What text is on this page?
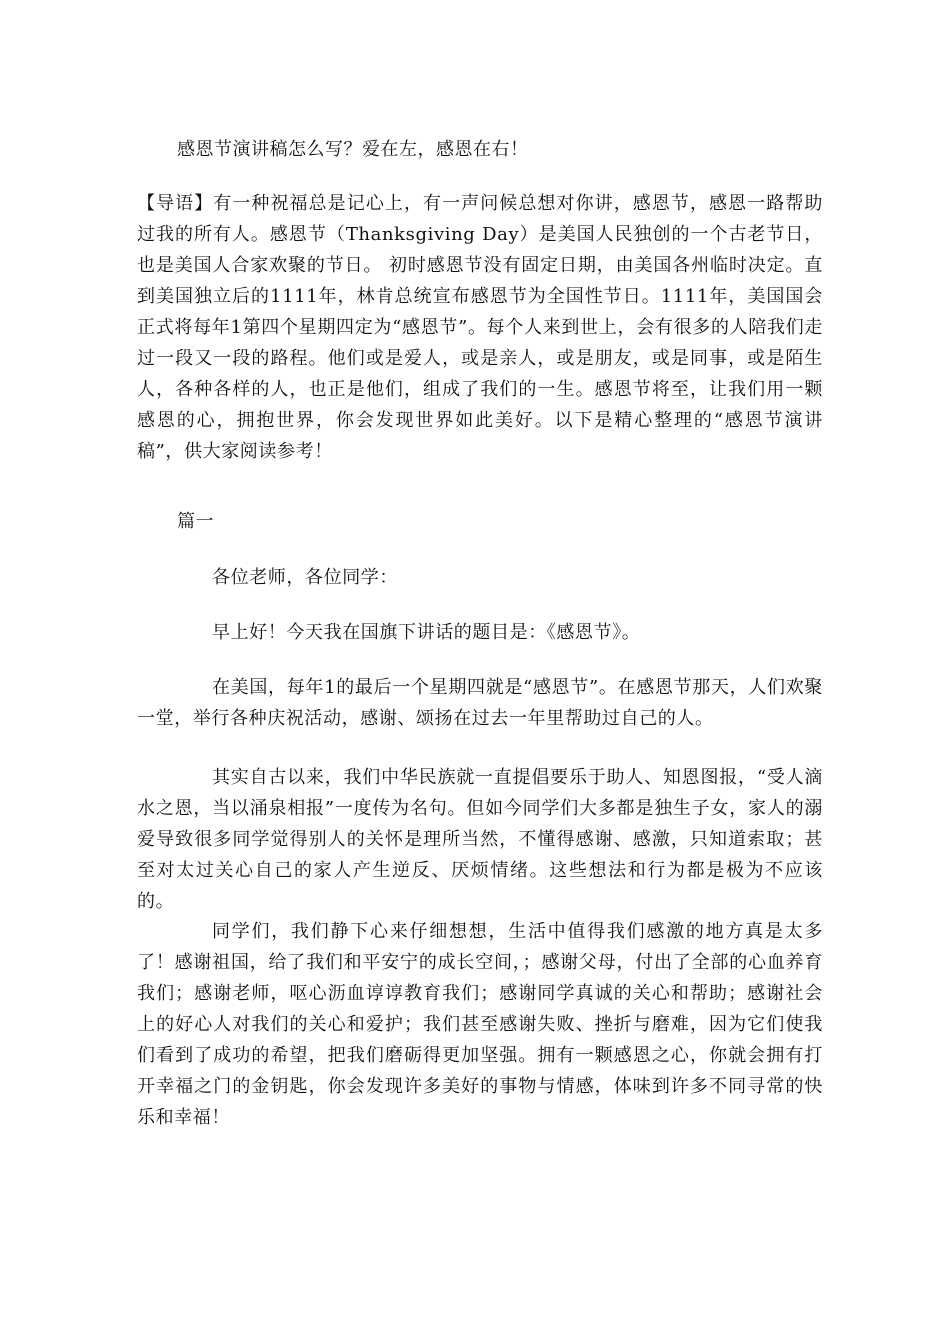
感恩节演讲稿怎么写？爱在左，感恩在右！
【导语】有一种祝福总是记心上，有一声问候总想对你讲，感恩节，感恩一路帮助过我的所有人。感恩节（Thanksgiving Day）是美国人民独创的一个古老节日，也是美国人合家欢聚的节日。 初时感恩节没有固定日期，由美国各州临时决定。直到美国独立后的1111年，林肯总统宣布感恩节为全国性节日。1111年，美国国会正式将每年1第四个星期四定为“感恩节”。每个人来到世上，会有很多的人陪我们走过一段又一段的路程。他们或是爱人，或是亲人，或是朋友，或是同事，或是陌生人，各种各样的人，也正是他们，组成了我们的一生。感恩节将至，让我们用一颗感恩的心，拥抱世界，你会发现世界如此美好。以下是精心整理的“感恩节演讲稿”，供大家阅读参考！
篇一
各位老师，各位同学：
早上好！今天我在国旗下讲话的题目是：《感恩节》。
在美国，每年1的最后一个星期四就是“感恩节”。在感恩节那天，人们欢聚一堂，举行各种庆祝活动，感谢、颂扬在过去一年里帮助过自己的人。
其实自古以来，我们中华民族就一直提倡要乐于助人、知恩图报，“受人滴水之恩，当以涌泉相报”一度传为名句。但如今同学们大多都是独生子女，家人的溺爱导致很多同学觉得别人的关怀是理所当然，不懂得感谢、感激，只知道索取；甚至对太过关心自己的家人产生逆反、厌烦情绪。这些想法和行为都是极为不应该的。
同学们，我们静下心来仔细想想，生活中值得我们感激的地方真是太多了！感谢祖国，给了我们和平安宁的成长空间，；感谢父母，付出了全部的心血养育我们；感谢老师，呕心沥血谆谆教育我们；感谢同学真诚的关心和帮助；感谢社会上的好心人对我们的关心和爱护；我们甚至感谢失败、挫折与磨难，因为它们使我们看到了成功的希望，把我们磨砺得更加坚强。拥有一颗感恩之心，你就会拥有打开幸福之门的金钥匙，你会发现许多美好的事物与情感，体味到许多不同寻常的快乐和幸福！
